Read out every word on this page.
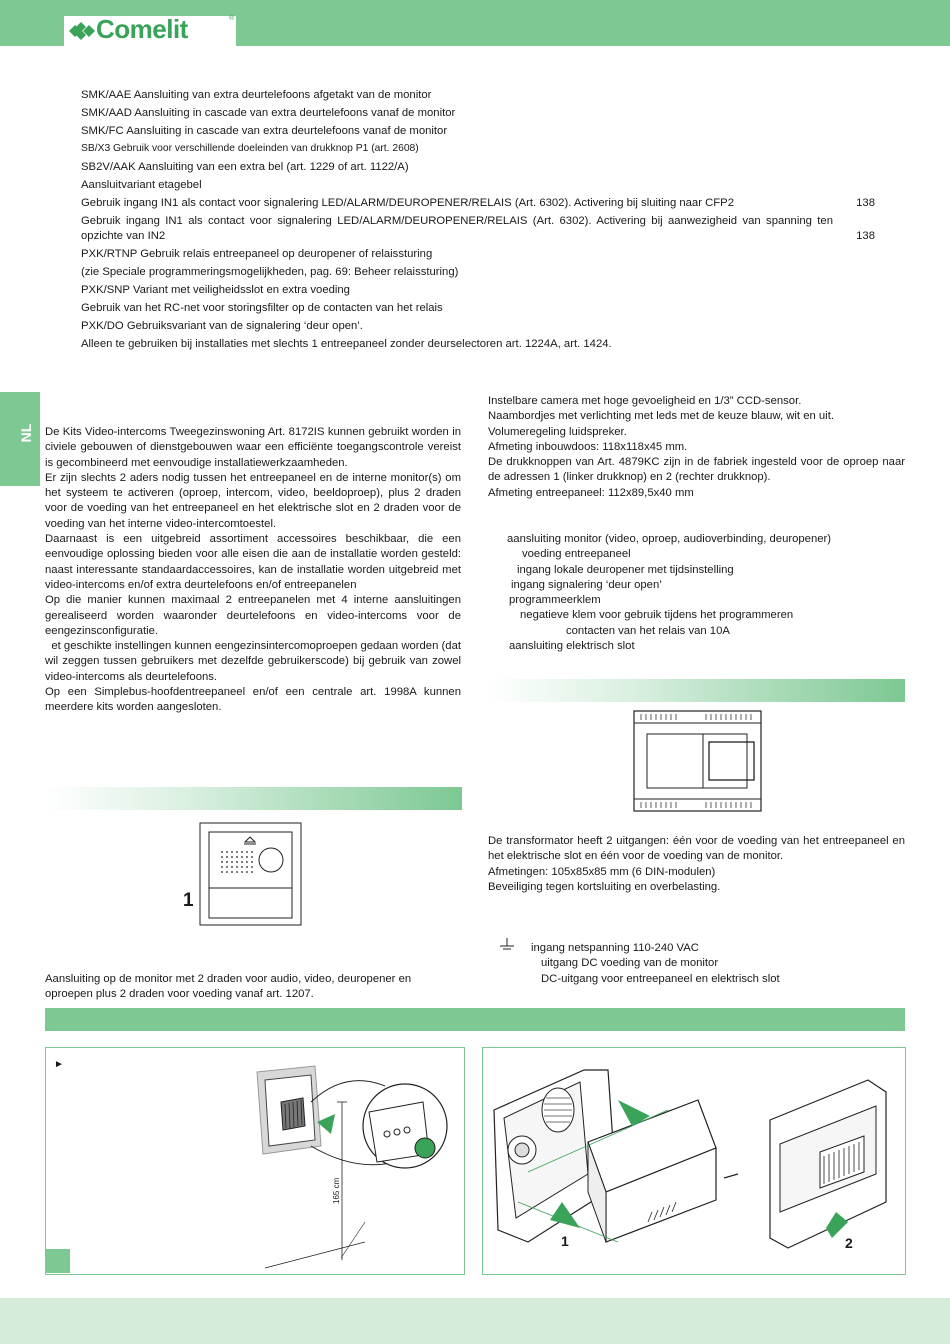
Comelit	®
SMK/AAE Aansluiting van extra deurtelefoons afgetakt van de monitor
SMK/AAD Aansluiting in cascade van extra deurtelefoons vanaf de monitor
SMK/FC Aansluiting in cascade van extra deurtelefoons vanaf de monitor
SB/X3 Gebruik voor verschillende doeleinden van drukknop P1 (art. 2608)
SB2V/AAK Aansluiting van een extra bel (art. 1229 of art. 1122/A)
Aansluitvariant etagebel
Gebruik ingang IN1 als contact voor signalering LED/ALARM/DEUROPENER/RELAIS (Art. 6302). Activering bij sluiting naar CFP2	138
Gebruik ingang IN1 als contact voor signalering LED/ALARM/DEUROPENER/RELAIS (Art. 6302). Activering bij aanwezigheid van spanning ten opzichte van IN2	138
PXK/RTNP Gebruik relais entreepaneel op deuropener of relaissturing
(zie Speciale programmeringsmogelijkheden, pag. 69: Beheer relaissturing)
PXK/SNP Variant met veiligheidsslot en extra voeding
Gebruik van het RC-net voor storingsfilter op de contacten van het relais
PXK/DO Gebruiksvariant van de signalering ‘deur open’.
Alleen te gebruiken bij installaties met slechts 1 entreepaneel zonder deurselectoren art. 1224A, art. 1424.
NL De Kits Video-intercoms Tweegezinswoning Art. 8172IS kunnen gebruikt worden in civiele gebouwen of dienstgebouwen waar een efficiënte toegangscontrole vereist is gecombineerd met eenvoudige installatiewerkzaamheden.

Er zijn slechts 2 aders nodig tussen het entreepaneel en de interne monitor(s) om het systeem te activeren (oproep, intercom, video, beeldoproep), plus 2 draden voor de voeding van het entreepaneel en het elektrische slot en 2 draden voor de voeding van het interne video-intercomtoestel.

Daarnaast is een uitgebreid assortiment accessoires beschikbaar, die een eenvoudige oplossing bieden voor alle eisen die aan de installatie worden gesteld: naast interessante standaardaccessoires, kan de installatie worden uitgebreid met video-intercoms en/of extra deurtelefoons en/of entreepanelen

Op die manier kunnen maximaal 2 entreepanelen met 4 interne aansluitingen gerealiseerd worden waaronder deurtelefoons en video-intercoms voor de eengezinsconfiguratie.

et geschikte instellingen kunnen eengezinsintercomoproepen gedaan worden (dat wil zeggen tussen gebruikers met dezelfde gebruikerscode) bij gebruik van zowel video-intercoms als deurtelefoons.

Op een Simplebus-hoofdentreepaneel en/of een centrale art. 1998A kunnen meerdere kits worden aangesloten.

Instelbare camera met hoge gevoeligheid en 1/3” CCD-sensor.
Naambordjes met verlichting met leds met de keuze blauw, wit en uit.
Volumeregeling luidspreker.
Afmeting inbouwdoos: 118x118x45 mm.
De drukknoppen van Art. 4879KC zijn in de fabriek ingesteld voor de oproep naar de adressen 1 (linker drukknop) en 2 (rechter drukknop).
Afmeting entreepaneel: 112x89,5x40 mm
aansluiting monitor (video, oproep, audioverbinding, deuropener)
voeding entreepaneel
ingang lokale deuropener met tijdsinstelling
ingang signalering ‘deur open’
programmeerklem
negatieve klem voor gebruik tijdens het programmeren
contacten van het relais van 10A
aansluiting elektrisch slot
1

De transformator heeft 2 uitgangen: één voor de voeding van het entreepaneel en het elektrische slot en één voor de voeding van de monitor.

Afmetingen: 105x85x85 mm (6 DIN-modulen)

Beveiliging tegen kortsluiting en overbelasting.

ingang netspanning 110-240 VAC
uitgang DC voeding van de monitor
DC-uitgang voor entreepaneel en elektrisch slot
Aansluiting op de monitor met 2 draden voor audio, video, deuropener en oproepen plus 2 draden voor voeding vanaf art. 1207.
►
165 cm
1	2
